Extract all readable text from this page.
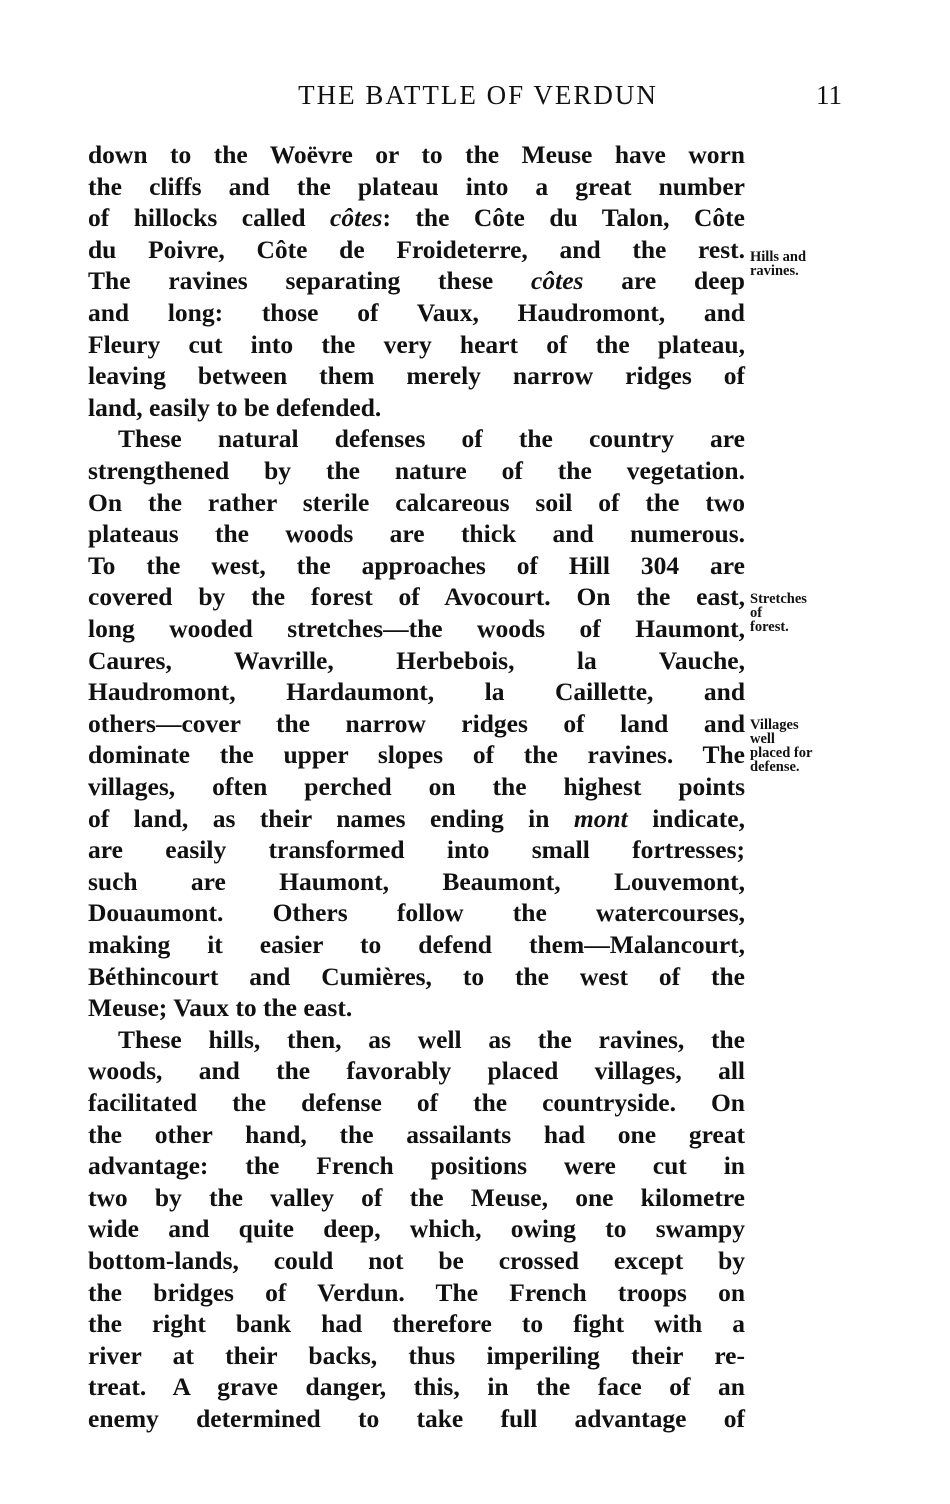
THE BATTLE OF VERDUN	11
down to the Woëvre or to the Meuse have worn
the cliffs and the plateau into a great number
of hillocks called côtes: the Côte du Talon, Côte
du Poivre, Côte de Froideterre, and the rest.
The ravines separating these côtes are deep
and long: those of Vaux, Haudromont, and
Fleury cut into the very heart of the plateau,
leaving between them merely narrow ridges of
land, easily to be defended.
These natural defenses of the country are
strengthened by the nature of the vegetation.
On the rather sterile calcareous soil of the two
plateaus the woods are thick and numerous.
To the west, the approaches of Hill 304 are
covered by the forest of Avocourt. On the east,
long wooded stretches—the woods of Haumont,
Caures, Wavrille, Herbebois, la Vauche,
Haudromont, Hardaumont, la Caillette, and
others—cover the narrow ridges of land and
dominate the upper slopes of the ravines. The
villages, often perched on the highest points
of land, as their names ending in mont indicate,
are easily transformed into small fortresses;
such are Haumont, Beaumont, Louvemont,
Douaumont. Others follow the watercourses,
making it easier to defend them—Malancourt,
Béthincourt and Cumières, to the west of the
Meuse; Vaux to the east.
These hills, then, as well as the ravines, the
woods, and the favorably placed villages, all
facilitated the defense of the countryside. On
the other hand, the assailants had one great
advantage: the French positions were cut in
two by the valley of the Meuse, one kilometre
wide and quite deep, which, owing to swampy
bottom-lands, could not be crossed except by
the bridges of Verdun. The French troops on
the right bank had therefore to fight with a
river at their backs, thus imperiling their re-
treat. A grave danger, this, in the face of an
enemy determined to take full advantage of
Hills and
ravines.
Stretches
of
forest.
Villages
well
placed for
defense.
